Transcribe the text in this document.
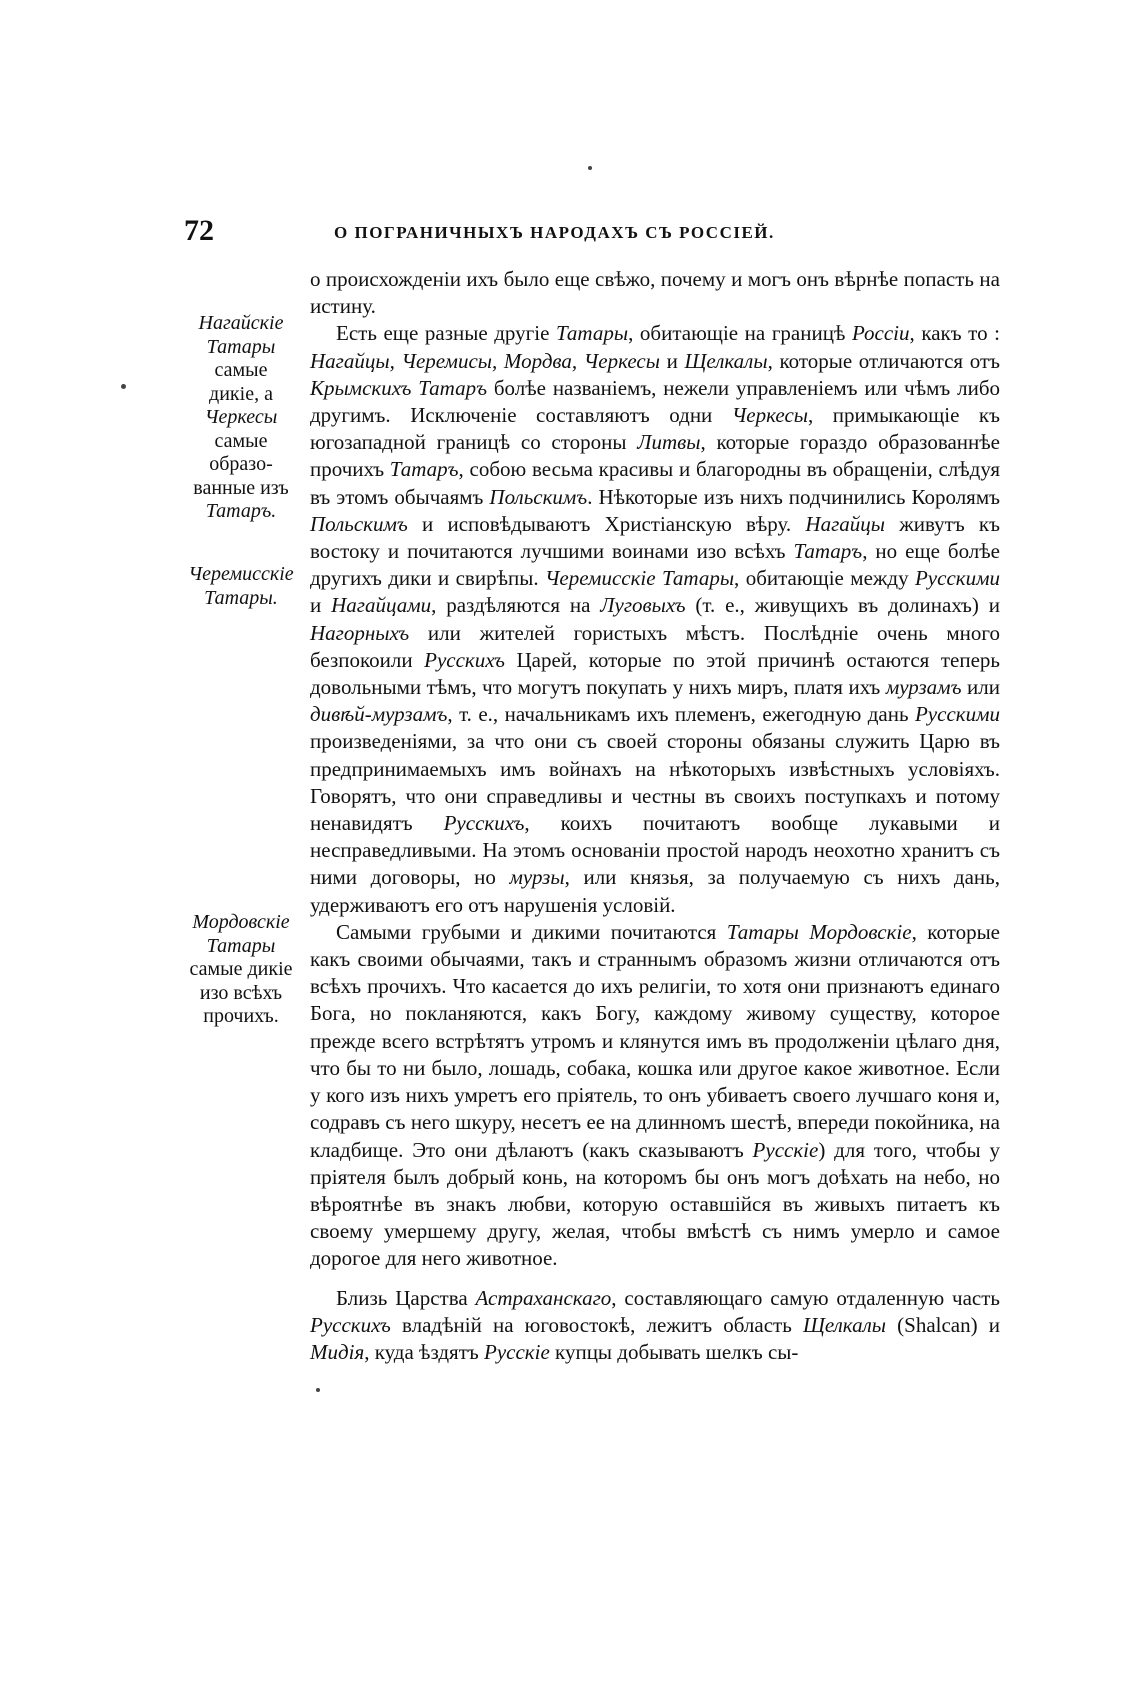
72	О ПОГРАНИЧНЫХЪ НАРОДАХЪ СЪ РОССІЕЙ.
Нагайскіе
Татары
самые
дикіе, а
Черкесы
самые
образо-
ванные изъ
Татаръ.
Черемисскіе
Татары.
Мордовскіе
Татары
самые дикіе
изо всѣхъ
прочихъ.

о происхожденіи ихъ было еще свѣжо, почему и могъ онъ вѣрнѣе попасть на истину.

Есть еще разные другіе Татары, обитающіе на границѣ Россіи, какъ то : Нагайцы, Черемисы, Мордва, Черкесы и Щелкалы, которые отличаются отъ Крымскихъ Татаръ болѣе названіемъ, нежели управленіемъ или чѣмъ либо другимъ. Исключеніе составляютъ одни Черкесы, примыкающіе къ югозападной границѣ со стороны Литвы, которые гораздо образованнѣе прочихъ Татаръ, собою весьма красивы и благородны въ обращеніи, слѣдуя въ этомъ обычаямъ Польскимъ. Нѣкоторые изъ нихъ подчинились Королямъ Польскимъ и исповѣдываютъ Христіанскую вѣру. Нагайцы живутъ къ востоку и почитаются лучшими воинами изо всѣхъ Татаръ, но еще болѣе другихъ дики и свирѣпы. Черемисскіе Татары, обитающіе между Русскими и Нагайцами, раздѣляются на Луговыхъ (т. е., живущихъ въ долинахъ) и Нагорныхъ или жителей гористыхъ мѣстъ. Послѣдніе очень много безпокоили Русскихъ Царей, которые по этой причинѣ остаются теперь довольными тѣмъ, что могутъ покупать у нихъ миръ, платя ихъ мурзамъ или дивѣй-мурзамъ, т. е., начальникамъ ихъ племенъ, ежегодную дань Русскими произведеніями, за что они съ своей стороны обязаны служить Царю въ предпринимаемыхъ имъ войнахъ на нѣкоторыхъ извѣстныхъ условіяхъ. Говорятъ, что они справедливы и честны въ своихъ поступкахъ и потому ненавидятъ Русскихъ, коихъ почитаютъ вообще лукавыми и несправедливыми. На этомъ основаніи простой народъ неохотно хранитъ съ ними договоры, но мурзы, или князья, за получаемую съ нихъ дань, удерживаютъ его отъ нарушенія условій.

Самыми грубыми и дикими почитаются Татары Мордовскіе, которые какъ своими обычаями, такъ и страннымъ образомъ жизни отличаются отъ всѣхъ прочихъ. Что касается до ихъ религіи, то хотя они признаютъ единаго Бога, но покланяются, какъ Богу, каждому живому существу, которое прежде всего встрѣтятъ утромъ и клянутся имъ въ продолженіи цѣлаго дня, что бы то ни было, лошадь, собака, кошка или другое какое животное. Если у кого изъ нихъ умретъ его пріятель, то онъ убиваетъ своего лучшаго коня и, содравъ съ него шкуру, несетъ ее на длинномъ шестѣ, впереди покойника, на кладбище. Это они дѣлаютъ (какъ сказываютъ Русскіе) для того, чтобы у пріятеля былъ добрый конь, на которомъ бы онъ могъ доѣхать на небо, но вѣроятнѣе въ знакъ любви, которую оставшійся въ живыхъ питаетъ къ своему умершему другу, желая, чтобы вмѣстѣ съ нимъ умерло и самое дорогое для него животное.

Близь Царства Астраханскаго, составляющаго самую отдаленную часть Русскихъ владѣній на юговостокѣ, лежитъ область Щелкалы (Shalcan) и Мидія, куда ѣздятъ Русскіе купцы добывать шелкъ сы-
